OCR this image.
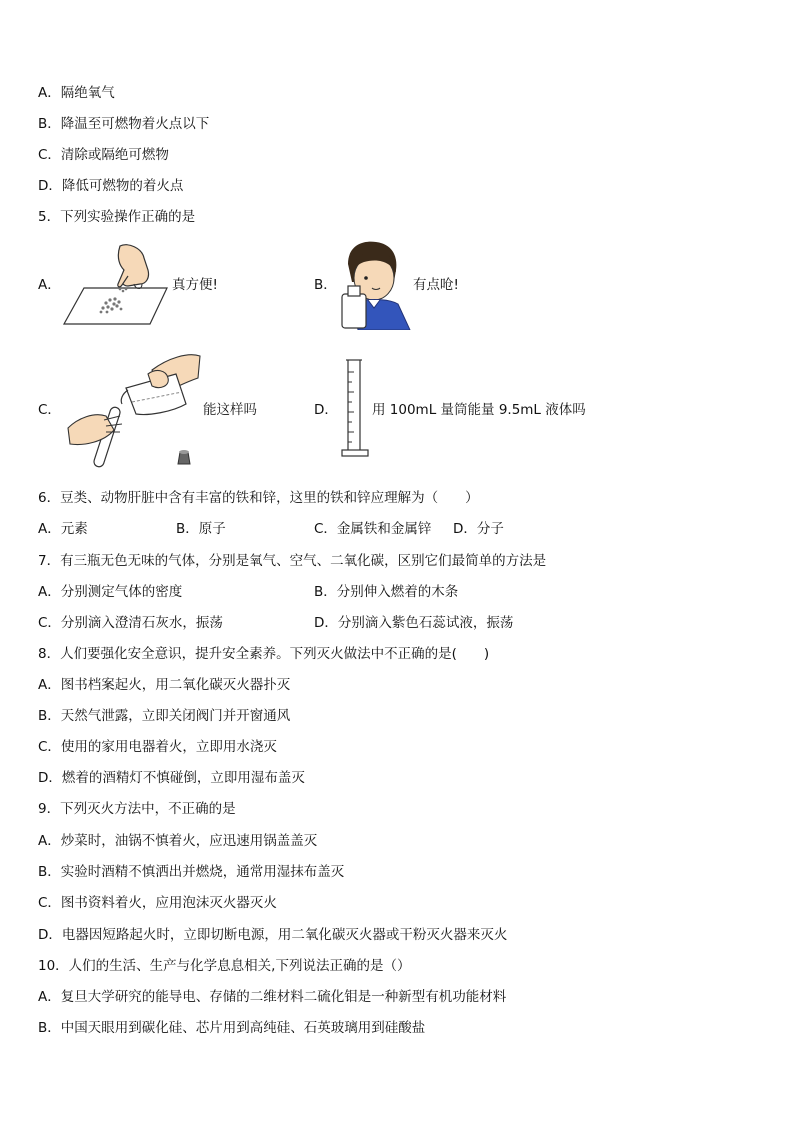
A．隔绝氧气
B．降温至可燃物着火点以下
C．清除或隔绝可燃物
D．降低可燃物的着火点
5．下列实验操作正确的是
A．	真方便!	B．	有点呛!
C．	能这样吗	D．	用 100mL 量筒能量 9.5mL 液体吗
6．豆类、动物肝脏中含有丰富的铁和锌，这里的铁和锌应理解为（　　）
A．元素	B．原子	C．金属铁和金属锌 D．分子
7．有三瓶无色无味的气体，分别是氧气、空气、二氧化碳，区别它们最简单的方法是
A．分别测定气体的密度	B．分别伸入燃着的木条
C．分别滴入澄清石灰水，振荡	D．分别滴入紫色石蕊试液，振荡
8．人们要强化安全意识，提升安全素养。下列灭火做法中不正确的是(　　)
A．图书档案起火，用二氧化碳灭火器扑灭
B．天然气泄露，立即关闭阀门并开窗通风
C．使用的家用电器着火，立即用水浇灭
D．燃着的酒精灯不慎碰倒，立即用湿布盖灭
9．下列灭火方法中，不正确的是
A．炒菜时，油锅不慎着火，应迅速用锅盖盖灭
B．实验时酒精不慎洒出并燃烧，通常用湿抹布盖灭
C．图书资料着火，应用泡沫灭火器灭火
D．电器因短路起火时，立即切断电源，用二氧化碳灭火器或干粉灭火器来灭火
10．人们的生活、生产与化学息息相关,下列说法正确的是（）
A．复旦大学研究的能导电、存储的二维材料二硫化钼是一种新型有机功能材料
B．中国天眼用到碳化硅、芯片用到高纯硅、石英玻璃用到硅酸盐
